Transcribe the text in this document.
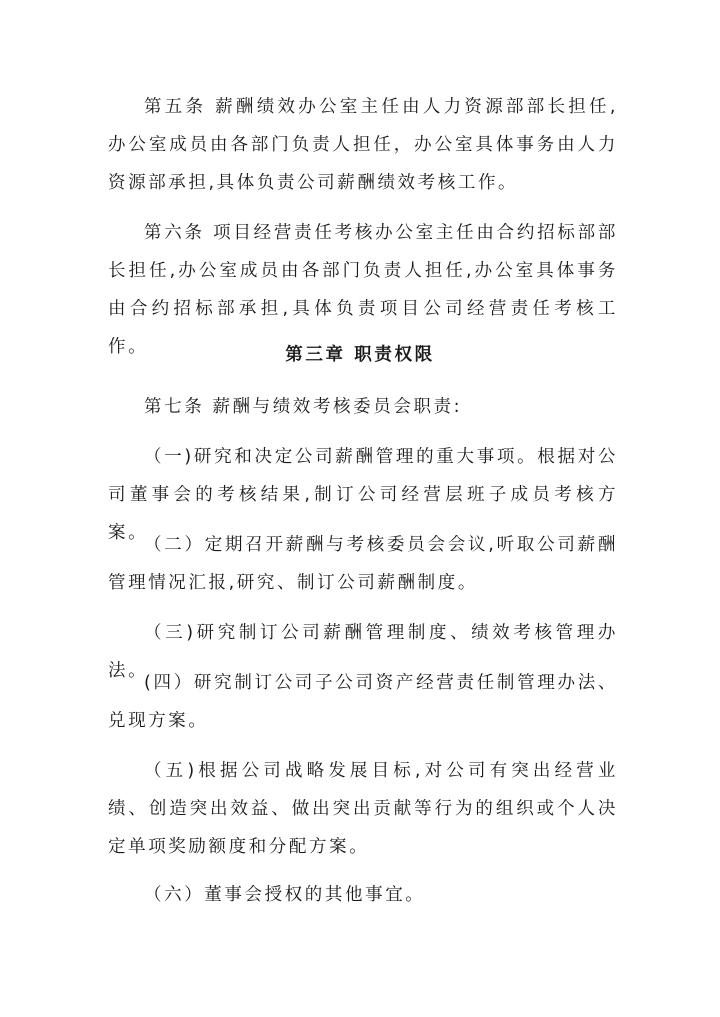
第五条 薪酬绩效办公室主任由人力资源部部长担任,办公室成员由各部门负责人担任，办公室具体事务由人力资源部承担,具体负责公司薪酬绩效考核工作。

第六条 项目经营责任考核办公室主任由合约招标部部长担任,办公室成员由各部门负责人担任,办公室具体事务由合约招标部承担,具体负责项目公司经营责任考核工作。	第三章 职责权限

第七条 薪酬与绩效考核委员会职责:

（一)研究和决定公司薪酬管理的重大事项。根据对公司董事会的考核结果,制订公司经营层班子成员考核方案。

（二）定期召开薪酬与考核委员会会议,听取公司薪酬管理情况汇报,研究、制订公司薪酬制度。

（三)研究制订公司薪酬管理制度、绩效考核管理办法。

(四）研究制订公司子公司资产经营责任制管理办法、兑现方案。

（五)根据公司战略发展目标,对公司有突出经营业绩、创造突出效益、做出突出贡献等行为的组织或个人决定单项奖励额度和分配方案。

（六）董事会授权的其他事宜。
